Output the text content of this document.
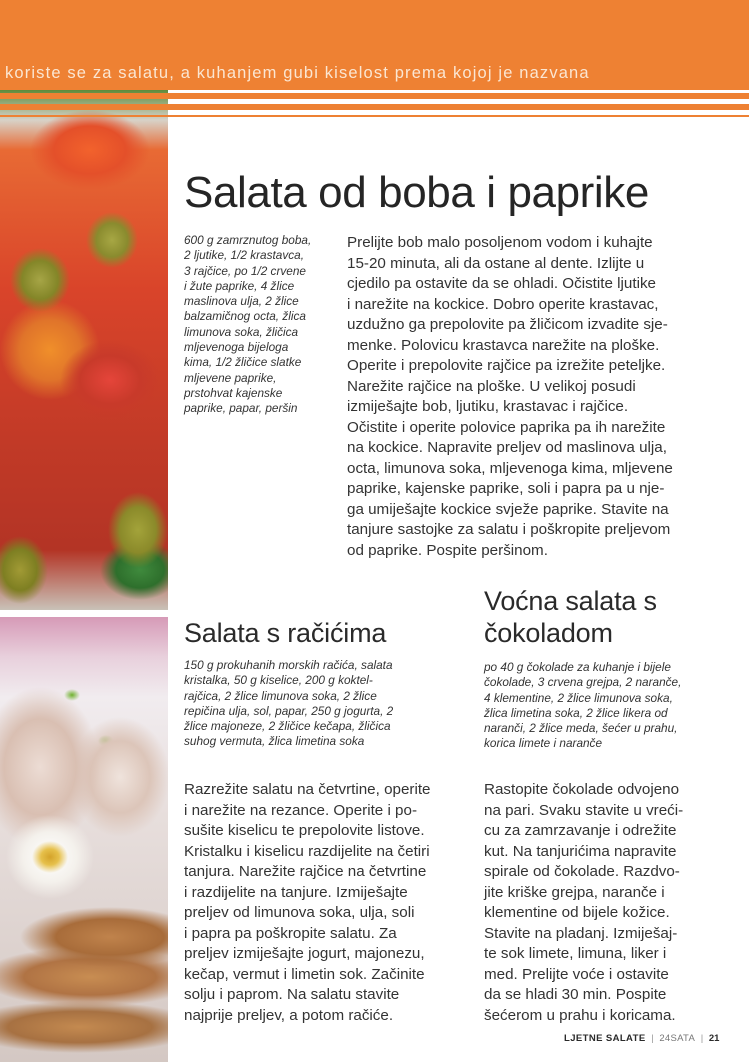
koriste se za salatu, a kuhanjem gubi kiselost prema kojoj je nazvana
Salata od boba i paprike
600 g zamrznutog boba,
2 ljutike, 1/2 krastavca,
3 rajčice, po 1/2 crvene
i žute paprike, 4 žlice
maslinova ulja, 2 žlice
balzamičnog octa, žlica
limunova soka, žličica
mljevenoga bijeloga
kima, 1/2 žličice slatke
mljevene paprike,
prstohvat kajenske
paprike, papar, peršin
Prelijte bob malo posoljenom vodom i kuhajte
15-20 minuta, ali da ostane al dente. Izlijte u
cjedilo pa ostavite da se ohladi. Očistite ljutike
i narežite na kockice. Dobro operite krastavac,
uzdužno ga prepolovite pa žličicom izvadite sje-
menke. Polovicu krastavca narežite na ploške.
Operite i prepolovite rajčice pa izrežite peteljke.
Narežite rajčice na ploške. U velikoj posudi
izmiješajte bob, ljutiku, krastavac i rajčice.
Očistite i operite polovice paprika pa ih narežite
na kockice. Napravite preljev od maslinova ulja,
octa, limunova soka, mljevenoga kima, mljevene
paprike, kajenske paprike, soli i papra pa u nje-
ga umiješajte kockice svježe paprike. Stavite na
tanjure sastojke za salatu i poškropite preljevom
od paprike. Pospite peršinom.
Salata s račićima
150 g prokuhanih morskih račića, salata
kristalka, 50 g kiselice, 200 g koktel-
rajčica, 2 žlice limunova soka, 2 žlice
repičina ulja, sol, papar, 250 g jogurta, 2
žlice majoneze, 2 žličice kečapa, žličica
suhog vermuta, žlica limetina soka
Razrežite salatu na četvrtine, operite
i narežite na rezance. Operite i po-
sušite kiselicu te prepolovite listove.
Kristalku i kiselicu razdijelite na četiri
tanjura. Narežite rajčice na četvrtine
i razdijelite na tanjure. Izmiješajte
preljev od limunova soka, ulja, soli
i papra pa poškropite salatu. Za
preljev izmiješajte jogurt, majonezu,
kečap, vermut i limetin sok. Začinite
solju i paprom. Na salatu stavite
najprije preljev, a potom račiće.
Voćna salata s
čokoladom
po 40 g čokolade za kuhanje i bijele
čokolade, 3 crvena grejpa, 2 naranče,
4 klementine, 2 žlice limunova soka,
žlica limetina soka, 2 žlice likera od
naranči, 2 žlice meda, šećer u prahu,
korica limete i naranče
Rastopite čokolade odvojeno
na pari. Svaku stavite u vreći-
cu za zamrzavanje i odrežite
kut. Na tanjurićima napravite
spirale od čokolade. Razdvo-
jite kriške grejpa, naranče i
klementine od bijele kožice.
Stavite na pladanj. Izmiješaj-
te sok limete, limuna, liker i
med. Prelijte voće i ostavite
da se hladi 30 min. Pospite
šećerom u prahu i koricama.
LJETNE SALATE | 24SATA | 21
